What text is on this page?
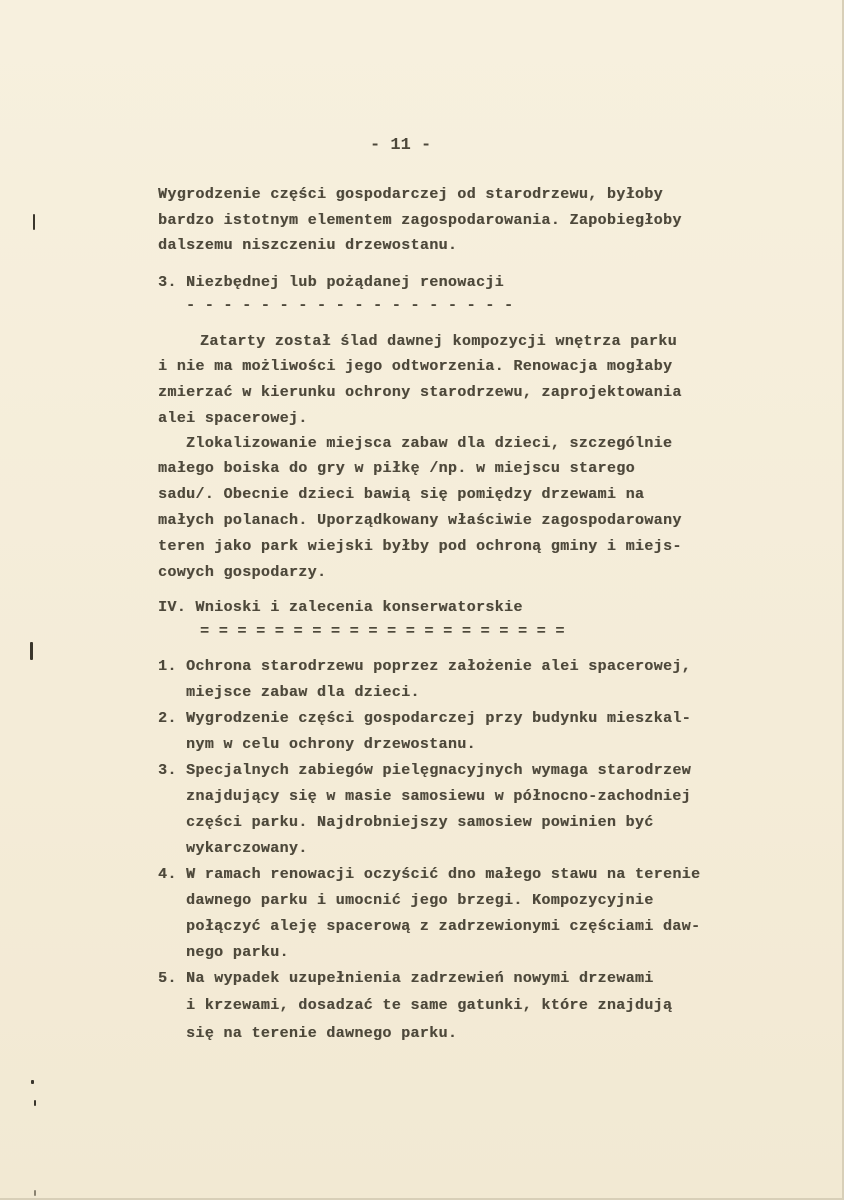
- 11 -
Wygrodzenie części gospodarczej od starodrzewu, byłoby
bardzo istotnym elementem zagospodarowania. Zapobiegłoby
dalszemu niszczeniu drzewostanu.
3. Niezbędnej lub pożądanej renowacji
- - - - - - - - - - - - - - - - - -
Zatarty został ślad dawnej kompozycji wnętrza parku
i nie ma możliwości jego odtworzenia. Renowacja mogłaby
zmierzać w kierunku ochrony starodrzewu, zaprojektowania
alei spacerowej.
Zlokalizowanie miejsca zabaw dla dzieci, szczególnie
małego boiska do gry w piłkę /np. w miejscu starego
sadu/. Obecnie dzieci bawią się pomiędzy drzewami na
małych polanach. Uporządkowany właściwie zagospodarowany
teren jako park wiejski byłby pod ochroną gminy i miejs-
cowych gospodarzy.
IV. Wnioski i zalecenia konserwatorskie
= = = = = = = = = = = = = = = = = = = =
1. Ochrona starodrzewu poprzez założenie alei spacerowej,
miejsce zabaw dla dzieci.
2. Wygrodzenie części gospodarczej przy budynku mieszkal-
nym w celu ochrony drzewostanu.
3. Specjalnych zabiegów pielęgnacyjnych wymaga starodrzew
znajdujący się w masie samosiewu w północno-zachodniej
części parku. Najdrobniejszy samosiew powinien być
wykarczowany.
4. W ramach renowacji oczyścić dno małego stawu na terenie
dawnego parku i umocnić jego brzegi. Kompozycyjnie
połączyć aleję spacerową z zadrzewionymi częściami daw-
nego parku.
5. Na wypadek uzupełnienia zadrzewień nowymi drzewami
i krzewami, dosadzać te same gatunki, które znajdują
się na terenie dawnego parku.
